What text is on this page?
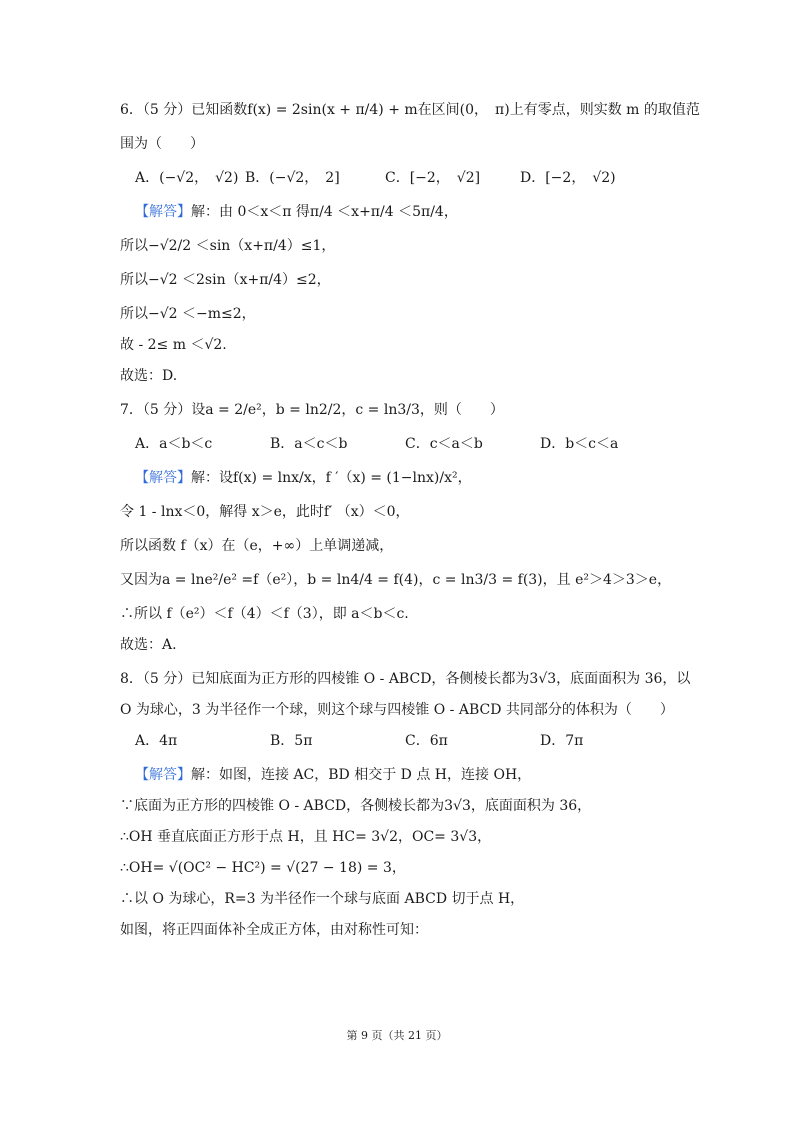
6．（5 分）已知函数f(x) = 2sin(x + π/4) + m在区间(0，　π)上有零点，则实数 m 的取值范

围为（　　）

A．(−√2，　√2) B．(−√2，　2]	C．[−2，　√2]	D．[−2，　√2)

【解答】解：由 0＜x＜π 得π/4 ＜x+π/4 ＜5π/4，

所以−√2/2 ＜sin（x+π/4）≤1，

所以−√2 ＜2sin（x+π/4）≤2，

所以−√2 ＜−m≤2，

故 - 2≤ m ＜√2.

故选：D.

7．（5 分）设a = 2/e²，b = ln2/2，c = ln3/3，则（　　）

A．a＜b＜c	B．a＜c＜b	C．c＜a＜b	D．b＜c＜a

【解答】解：设f(x) = lnx/x，f ′（x) = (1−lnx)/x²，

令 1 - lnx＜0，解得 x＞e，此时f′ （x）＜0，

所以函数 f（x）在（e，+∞）上单调递减，

又因为a = lne²/e² =f（e²），b = ln4/4 = f(4)，c = ln3/3 = f(3)，且 e²＞4＞3＞e，

∴所以 f（e²）＜f（4）＜f（3），即 a＜b＜c.

故选：A.

8．（5 分）已知底面为正方形的四棱锥 O - ABCD，各侧棱长都为3√3，底面面积为 36，以

O 为球心，3 为半径作一个球，则这个球与四棱锥 O - ABCD 共同部分的体积为（　　）

A．4π	B．5π	C．6π	D．7π

【解答】解：如图，连接 AC，BD 相交于 D 点 H，连接 OH，

∵底面为正方形的四棱锥 O - ABCD，各侧棱长都为3√3，底面面积为 36，

∴OH 垂直底面正方形于点 H，且 HC= 3√2，OC= 3√3，

∴OH= √(OC² − HC²) = √(27 − 18) = 3，

∴以 O 为球心，R=3 为半径作一个球与底面 ABCD 切于点 H，

如图，将正四面体补全成正方体，由对称性可知：

第 9 页（共 21 页）
